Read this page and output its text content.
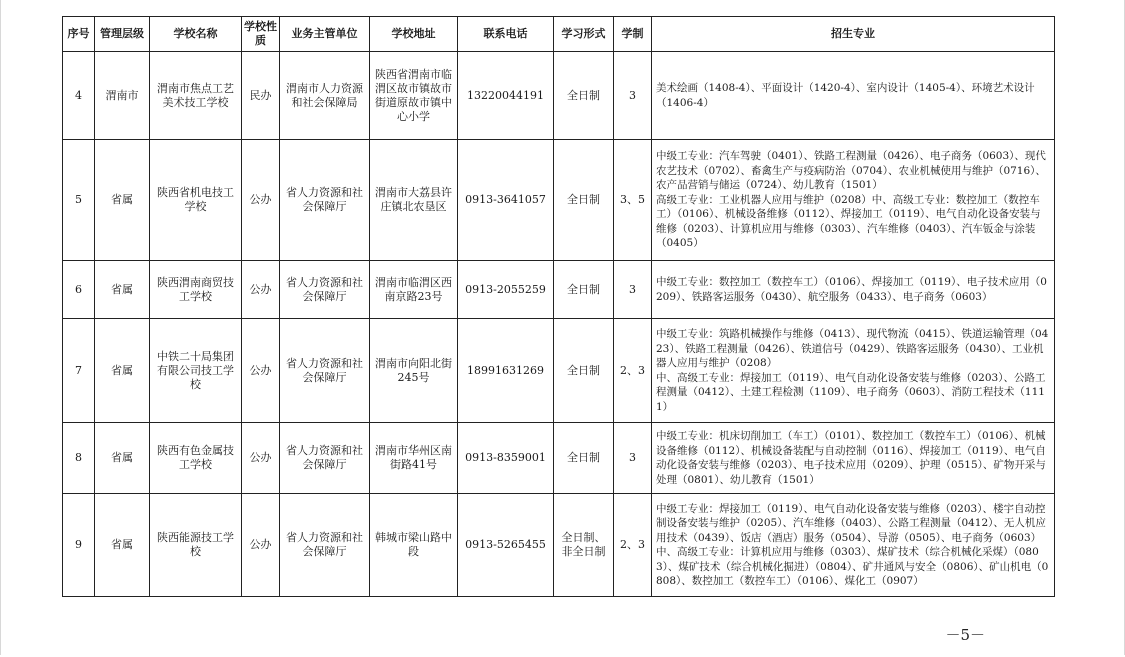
序号	管理层级	学校名称	学校性质	业务主管单位	学校地址	联系电话	学习形式	学制	招生专业
4	渭南市	渭南市焦点工艺美术技工学校	民办	渭南市人力资源和社会保障局	陕西省渭南市临渭区故市镇故市街道原故市镇中心小学	13220044191	全日制	3	美术绘画（1408-4）、平面设计（1420-4）、室内设计（1405-4）、环境艺术设计（1406-4）

5	省属	陕西省机电技工学校	公办	省人力资源和社会保障厅	渭南市大荔县许庄镇北农垦区	0913-3641057	全日制	3、5	中级工专业：汽车驾驶（0401）、铁路工程测量（0426）、电子商务（0603）、现代农艺技术（0702）、畜禽生产与疫病防治（0704）、农业机械使用与维护（0716）、农产品营销与储运（0724）、幼儿教育（1501）
高级工专业：工业机器人应用与维护（0208）中、高级工专业：数控加工（数控车工）（0106）、机械设备维修（0112）、焊接加工（0119）、电气自动化设备安装与维修（0203）、计算机应用与维修（0303）、汽车维修（0403）、汽车钣金与涂装（0405）

6	省属	陕西渭南商贸技工学校	公办	省人力资源和社会保障厅	渭南市临渭区西南京路23号	0913-2055259	全日制	3	中级工专业：数控加工（数控车工）（0106）、焊接加工（0119）、电子技术应用（0209）、铁路客运服务（0430）、航空服务（0433）、电子商务（0603）

7	省属	中铁二十局集团有限公司技工学校	公办	省人力资源和社会保障厅	渭南市向阳北街245号	18991631269	全日制	2、3	中级工专业：筑路机械操作与维修（0413）、现代物流（0415）、铁道运输管理（0423）、铁路工程测量（0426）、铁道信号（0429）、铁路客运服务（0430）、工业机器人应用与维护（0208）
中、高级工专业：焊接加工（0119）、电气自动化设备安装与维修（0203）、公路工程测量（0412）、土建工程检测（1109）、电子商务（0603）、消防工程技术（1111）

8	省属	陕西有色金属技工学校	公办	省人力资源和社会保障厅	渭南市华州区南街路41号	0913-8359001	全日制	3	中级工专业：机床切削加工（车工）（0101）、数控加工（数控车工）（0106）、机械设备维修（0112）、机械设备装配与自动控制（0116）、焊接加工（0119）、电气自动化设备安装与维修（0203）、电子技术应用（0209）、护理（0515）、矿物开采与处理（0801）、幼儿教育（1501）

9	省属	陕西能源技工学校	公办	省人力资源和社会保障厅	韩城市梁山路中段	0913-5265455	全日制、非全日制	2、3	中级工专业：焊接加工（0119）、电气自动化设备安装与维修（0203）、楼宇自动控制设备安装与维护（0205）、汽车维修（0403）、公路工程测量（0412）、无人机应用技术（0439）、饭店（酒店）服务（0504）、导游（0505）、电子商务（0603）
中、高级工专业：计算机应用与维修（0303）、煤矿技术（综合机械化采煤）（0803）、煤矿技术（综合机械化掘进）（0804）、矿井通风与安全（0806）、矿山机电（0808）、数控加工（数控车工）（0106）、煤化工（0907）
－5－
